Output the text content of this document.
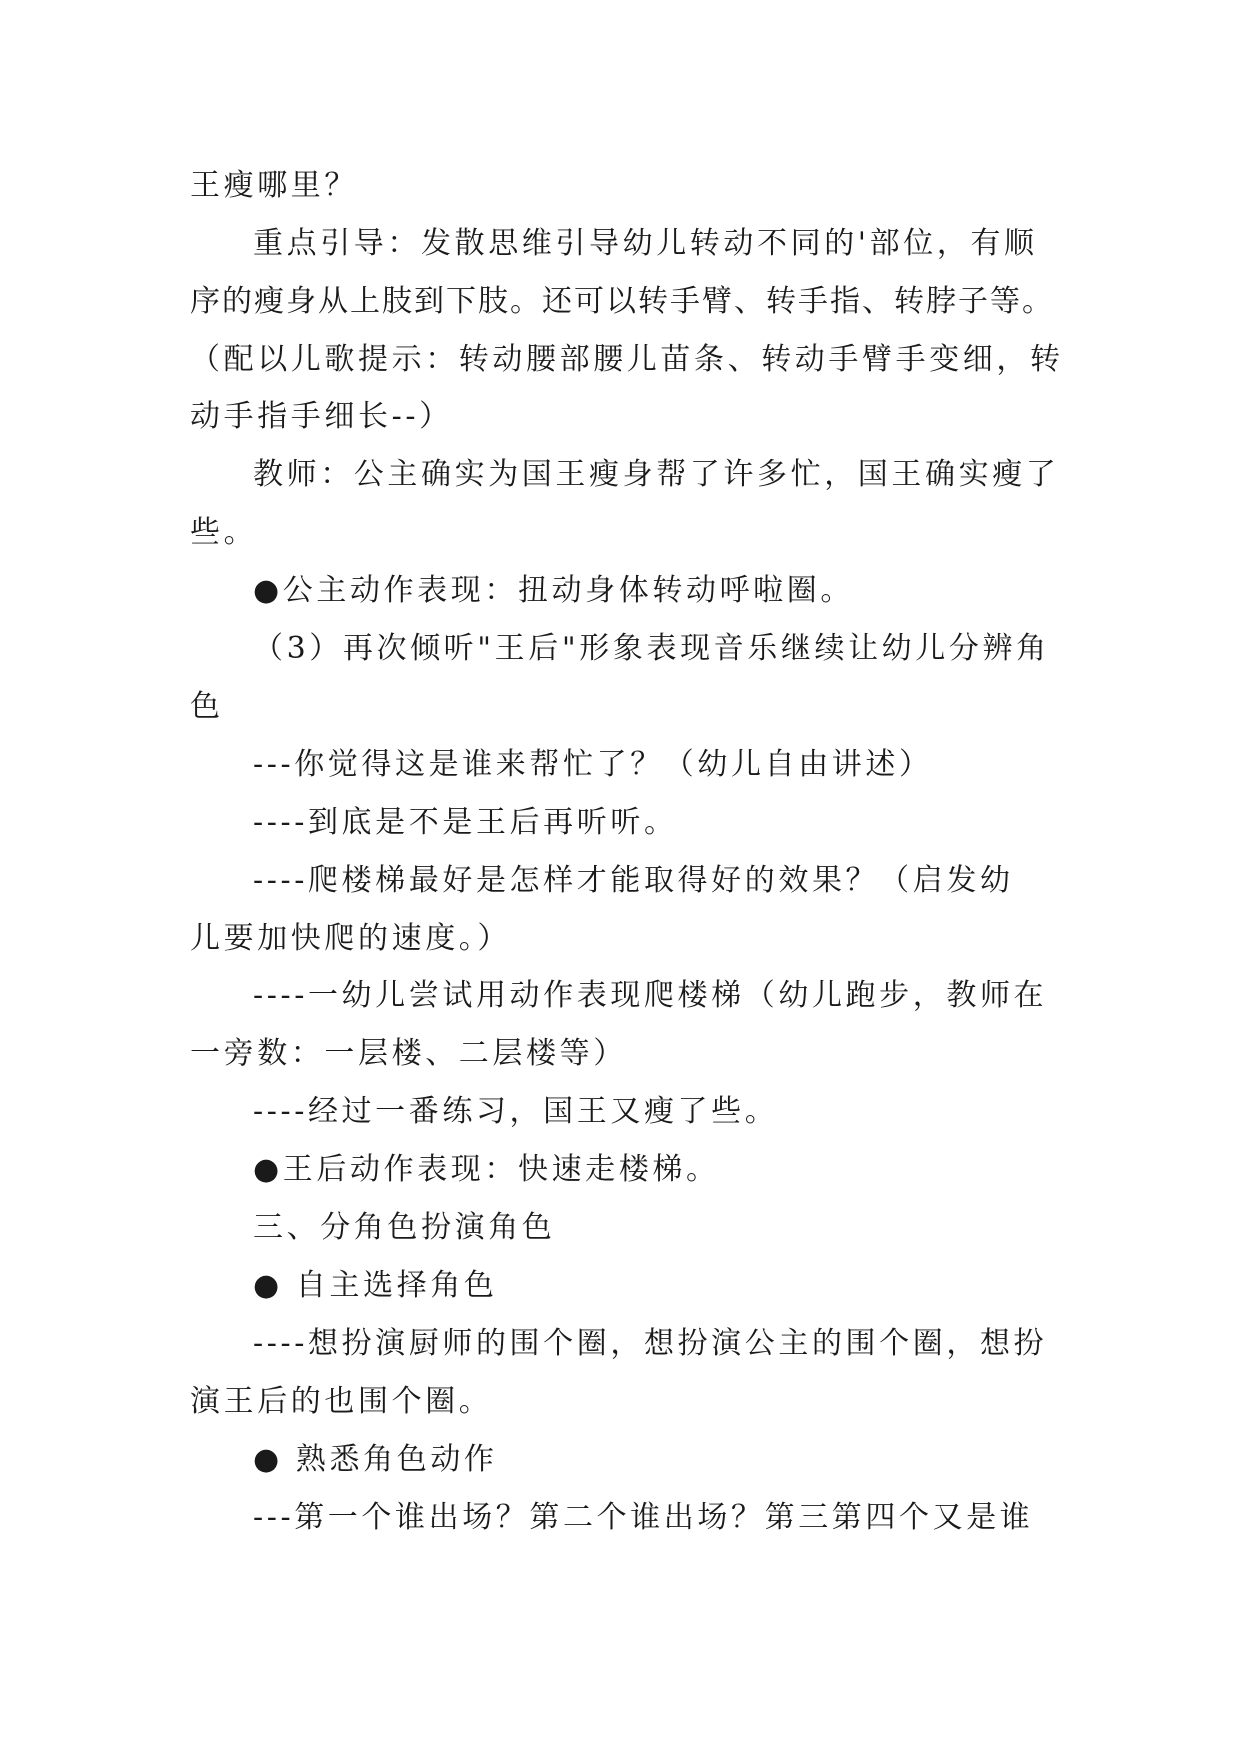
王瘦哪里？
重点引导：发散思维引导幼儿转动不同的'部位，有顺
序的瘦身从上肢到下肢。还可以转手臂、转手指、转脖子等。
（配以儿歌提示：转动腰部腰儿苗条、转动手臂手变细，转
动手指手细长--）
教师：公主确实为国王瘦身帮了许多忙，国王确实瘦了
些。
●公主动作表现：扭动身体转动呼啦圈。
（3）再次倾听"王后"形象表现音乐继续让幼儿分辨角
色
---你觉得这是谁来帮忙了？（幼儿自由讲述）
----到底是不是王后再听听。
----爬楼梯最好是怎样才能取得好的效果？（启发幼
儿要加快爬的速度。）
----一幼儿尝试用动作表现爬楼梯（幼儿跑步，教师在
一旁数：一层楼、二层楼等）
----经过一番练习，国王又瘦了些。
●王后动作表现：快速走楼梯。
三、分角色扮演角色
● 自主选择角色
----想扮演厨师的围个圈，想扮演公主的围个圈，想扮
演王后的也围个圈。
● 熟悉角色动作
---第一个谁出场？第二个谁出场？第三第四个又是谁
